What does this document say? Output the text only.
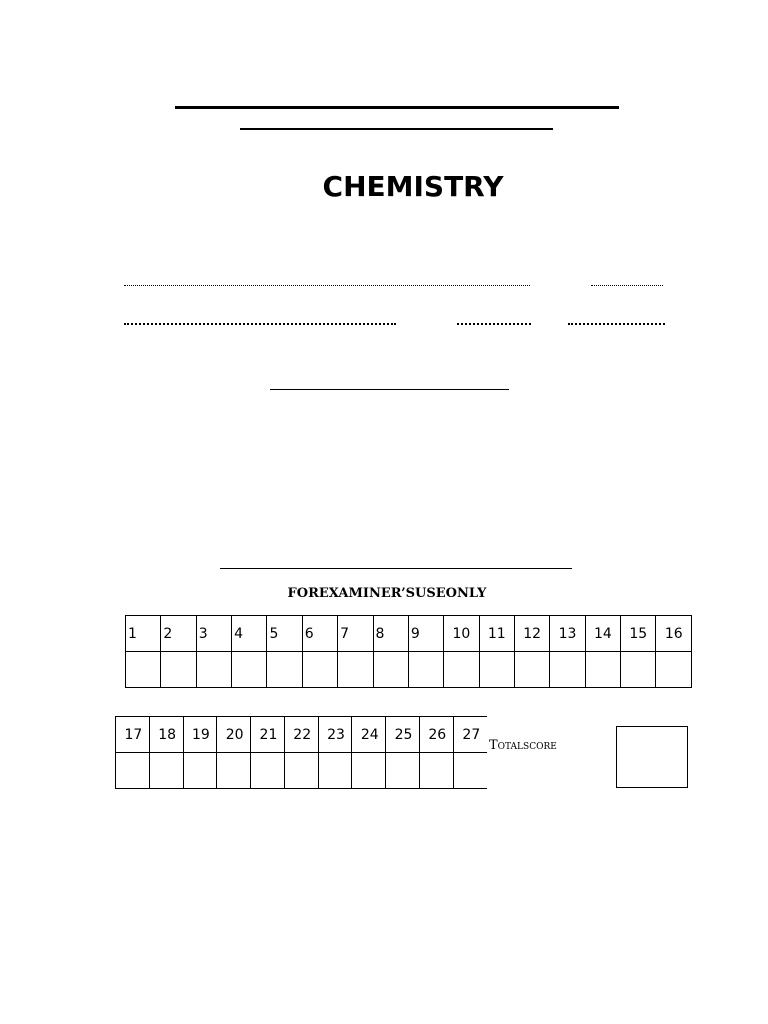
CHEMISTRY
FOREXAMINER’SUSEONLY
1	2	3	4	5	6	7	8	9	10	11	12	13	14	15	16

17	18	19	20	21	22	23	24	25	26	27

Totalscore
